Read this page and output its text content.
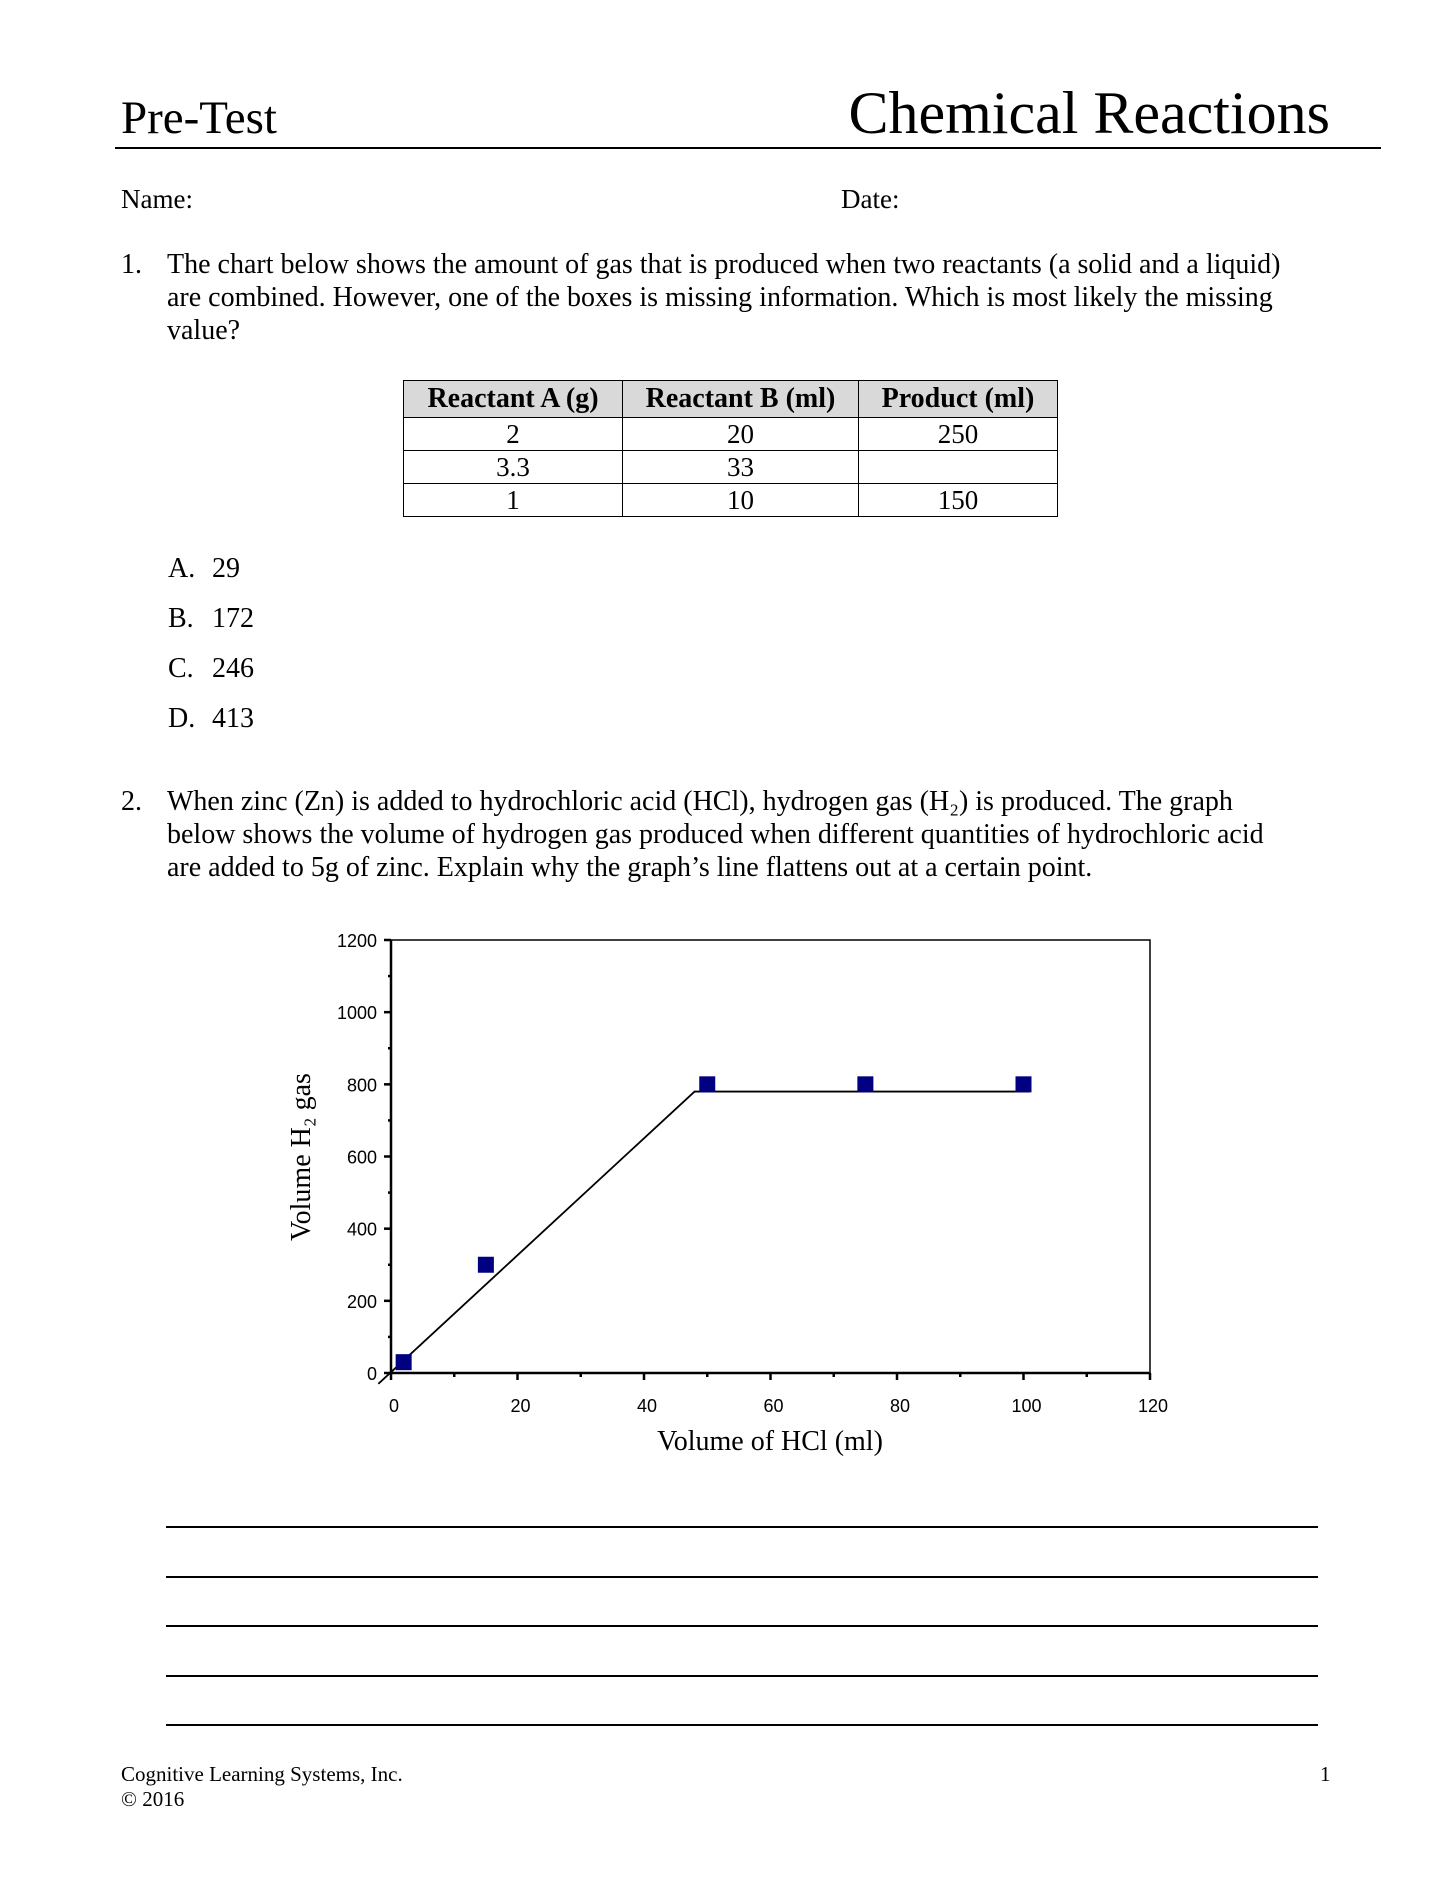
Pre-Test	Chemical Reactions
Name:	Date:
1. The chart below shows the amount of gas that is produced when two reactants (a solid and a liquid)
are combined. However, one of the boxes is missing information. Which is most likely the missing
value?
Reactant A (g)	Reactant B (ml)	Product (ml)
2	20	250
3.3	33	
1	10	150
A. 29
B. 172
C. 246
D. 413
2. When zinc (Zn) is added to hydrochloric acid (HCl), hydrogen gas (H₂) is produced. The graph
below shows the volume of hydrogen gas produced when different quantities of hydrochloric acid
are added to 5g of zinc. Explain why the graph’s line flattens out at a certain point.
0
200
400
600
800
1000
1200
0	20	40	60	80	100	120
Volume of HCl (ml)
Volume H₂ gas
Cognitive Learning Systems, Inc.
© 2016
1
